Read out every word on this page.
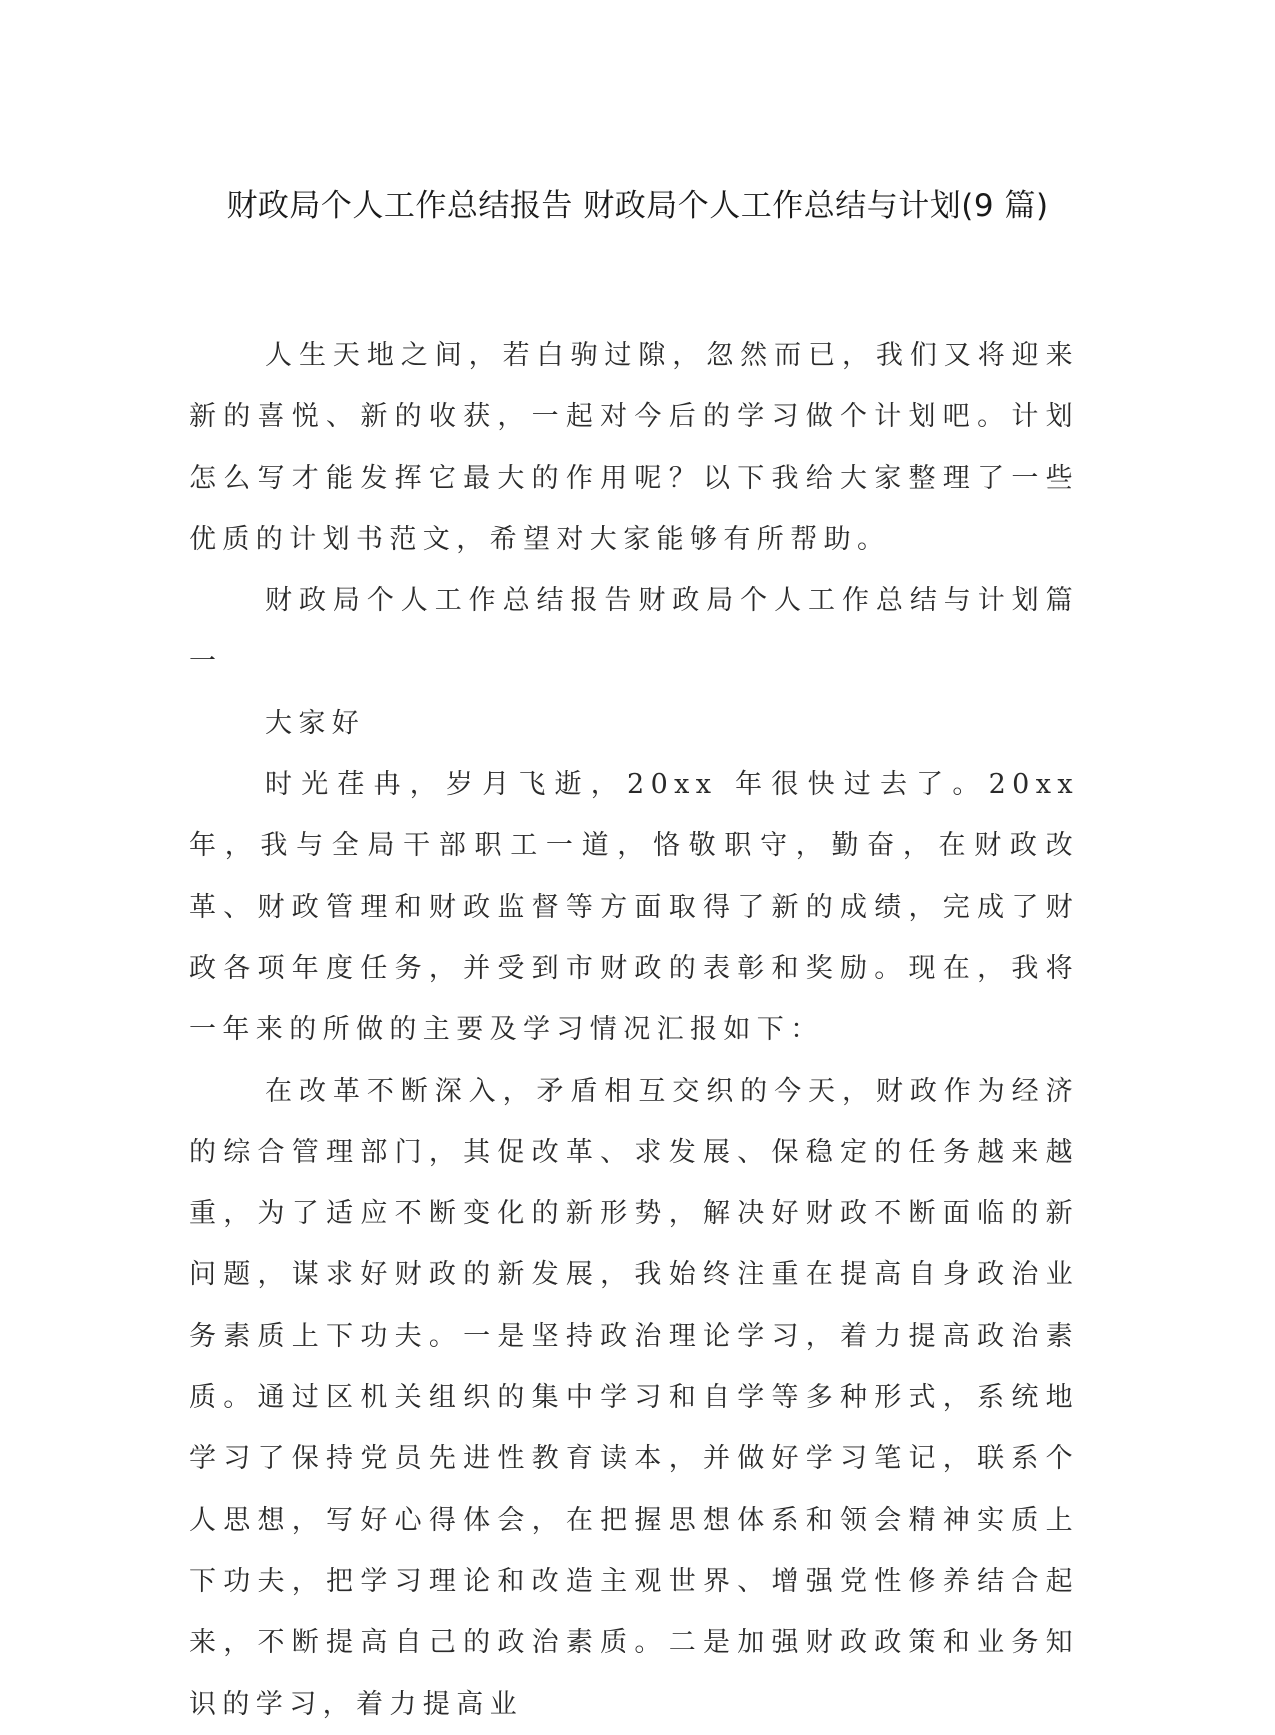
财政局个人工作总结报告 财政局个人工作总结与计划(9 篇)

人生天地之间，若白驹过隙，忽然而已，我们又将迎来新的喜悦、新的收获，一起对今后的学习做个计划吧。计划怎么写才能发挥它最大的作用呢？以下我给大家整理了一些优质的计划书范文，希望对大家能够有所帮助。

财政局个人工作总结报告财政局个人工作总结与计划篇一

大家好

时光荏冉，岁月飞逝，20xx 年很快过去了。20xx 年，我与全局干部职工一道，恪敬职守，勤奋，在财政改革、财政管理和财政监督等方面取得了新的成绩，完成了财政各项年度任务，并受到市财政的表彰和奖励。现在，我将一年来的所做的主要及学习情况汇报如下：

在改革不断深入，矛盾相互交织的今天，财政作为经济的综合管理部门，其促改革、求发展、保稳定的任务越来越重，为了适应不断变化的新形势，解决好财政不断面临的新问题，谋求好财政的新发展，我始终注重在提高自身政治业务素质上下功夫。一是坚持政治理论学习，着力提高政治素质。通过区机关组织的集中学习和自学等多种形式，系统地学习了保持党员先进性教育读本，并做好学习笔记，联系个人思想，写好心得体会，在把握思想体系和领会精神实质上下功夫，把学习理论和改造主观世界、增强党性修养结合起来，不断提高自己的政治素质。二是加强财政政策和业务知识的学习，着力提高业
